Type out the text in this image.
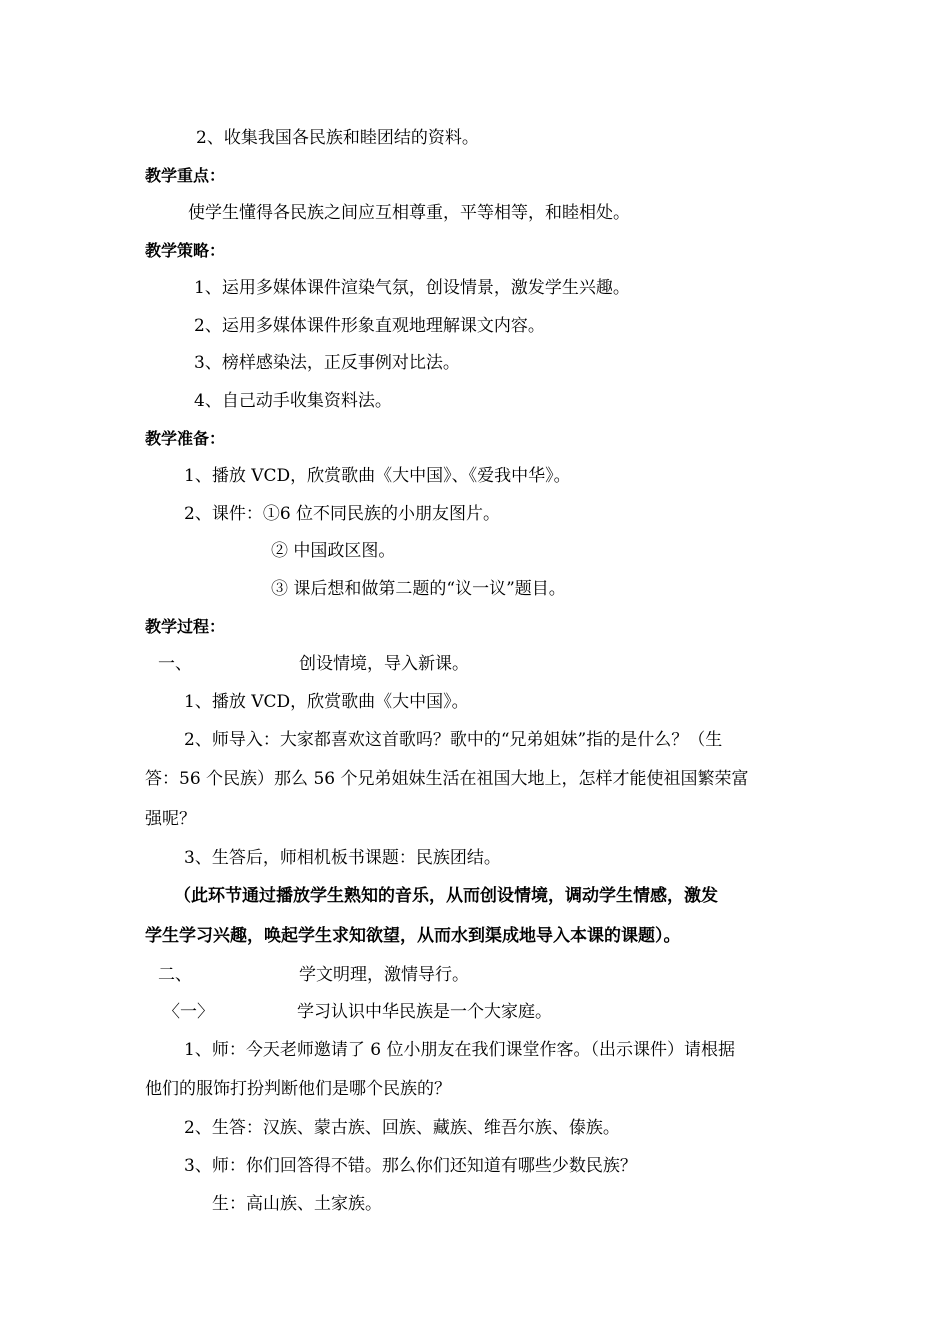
2、收集我国各民族和睦团结的资料。
教学重点：
使学生懂得各民族之间应互相尊重，平等相等，和睦相处。
教学策略：
1、运用多媒体课件渲染气氛，创设情景，激发学生兴趣。
2、运用多媒体课件形象直观地理解课文内容。
3、榜样感染法，正反事例对比法。
4、自己动手收集资料法。
教学准备：
1、播放 VCD，欣赏歌曲《大中国》、《爱我中华》。
2、课件：①6 位不同民族的小朋友图片。
② 中国政区图。
③ 课后想和做第二题的“议一议”题目。
教学过程：
一、	创设情境，导入新课。
1、播放 VCD，欣赏歌曲《大中国》。
2、师导入：大家都喜欢这首歌吗？歌中的“兄弟姐妹”指的是什么？（生
答：56 个民族）那么 56 个兄弟姐妹生活在祖国大地上，怎样才能使祖国繁荣富
强呢？
3、生答后，师相机板书课题：民族团结。
（此环节通过播放学生熟知的音乐，从而创设情境，调动学生情感，激发
学生学习兴趣，唤起学生求知欲望，从而水到渠成地导入本课的课题）。
二、	学文明理，激情导行。
〈一〉	学习认识中华民族是一个大家庭。
1、师：今天老师邀请了 6 位小朋友在我们课堂作客。（出示课件）请根据
他们的服饰打扮判断他们是哪个民族的？
2、生答：汉族、蒙古族、回族、藏族、维吾尔族、傣族。
3、师：你们回答得不错。那么你们还知道有哪些少数民族？
生：高山族、土家族。
